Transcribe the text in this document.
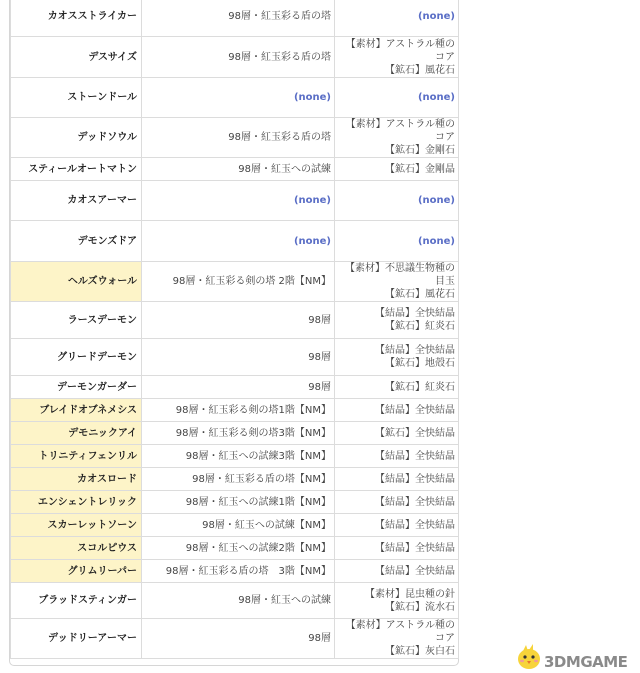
カオスストライカー	98層・紅玉彩る盾の塔	(none)

デスサイズ	98層・紅玉彩る盾の塔	【素材】アストラル種のコア
【鉱石】風花石

ストーンドール	(none)	(none)

デッドソウル	98層・紅玉彩る盾の塔	【素材】アストラル種のコア
【鉱石】金剛石

スティールオートマトン	98層・紅玉への試練	【鉱石】金剛晶

カオスアーマー	(none)	(none)

デモンズドア	(none)	(none)

ヘルズウォール	98層・紅玉彩る剣の塔 2階【NM】	【素材】不思議生物種の目玉
【鉱石】風花石

ラースデーモン	98層	【結晶】全快結晶
【鉱石】紅炎石

グリードデーモン	98層	【結晶】全快結晶
【鉱石】地殻石

デーモンガーダー	98層	【鉱石】紅炎石

ブレイドオブネメシス	98層・紅玉彩る剣の塔1階【NM】	【結晶】全快結晶

デモニックアイ	98層・紅玉彩る剣の塔3階【NM】	【鉱石】全快結晶

トリニティフェンリル	98層・紅玉への試練3階【NM】	【結晶】全快結晶

カオスロード	98層・紅玉彩る盾の塔【NM】	【結晶】全快結晶

エンシェントレリック	98層・紅玉への試練1階【NM】	【結晶】全快結晶

スカーレットソーン	98層・紅玉への試練【NM】	【結晶】全快結晶

スコルピウス	98層・紅玉への試練2階【NM】	【結晶】全快結晶

グリムリーパー	98層・紅玉彩る盾の塔　3階【NM】	【結晶】全快結晶

ブラッドスティンガー	98層・紅玉への試練	【素材】昆虫種の針
【鉱石】流水石

デッドリーアーマー	98層	【素材】アストラル種のコア
【鉱石】灰白石
3DMGAME
